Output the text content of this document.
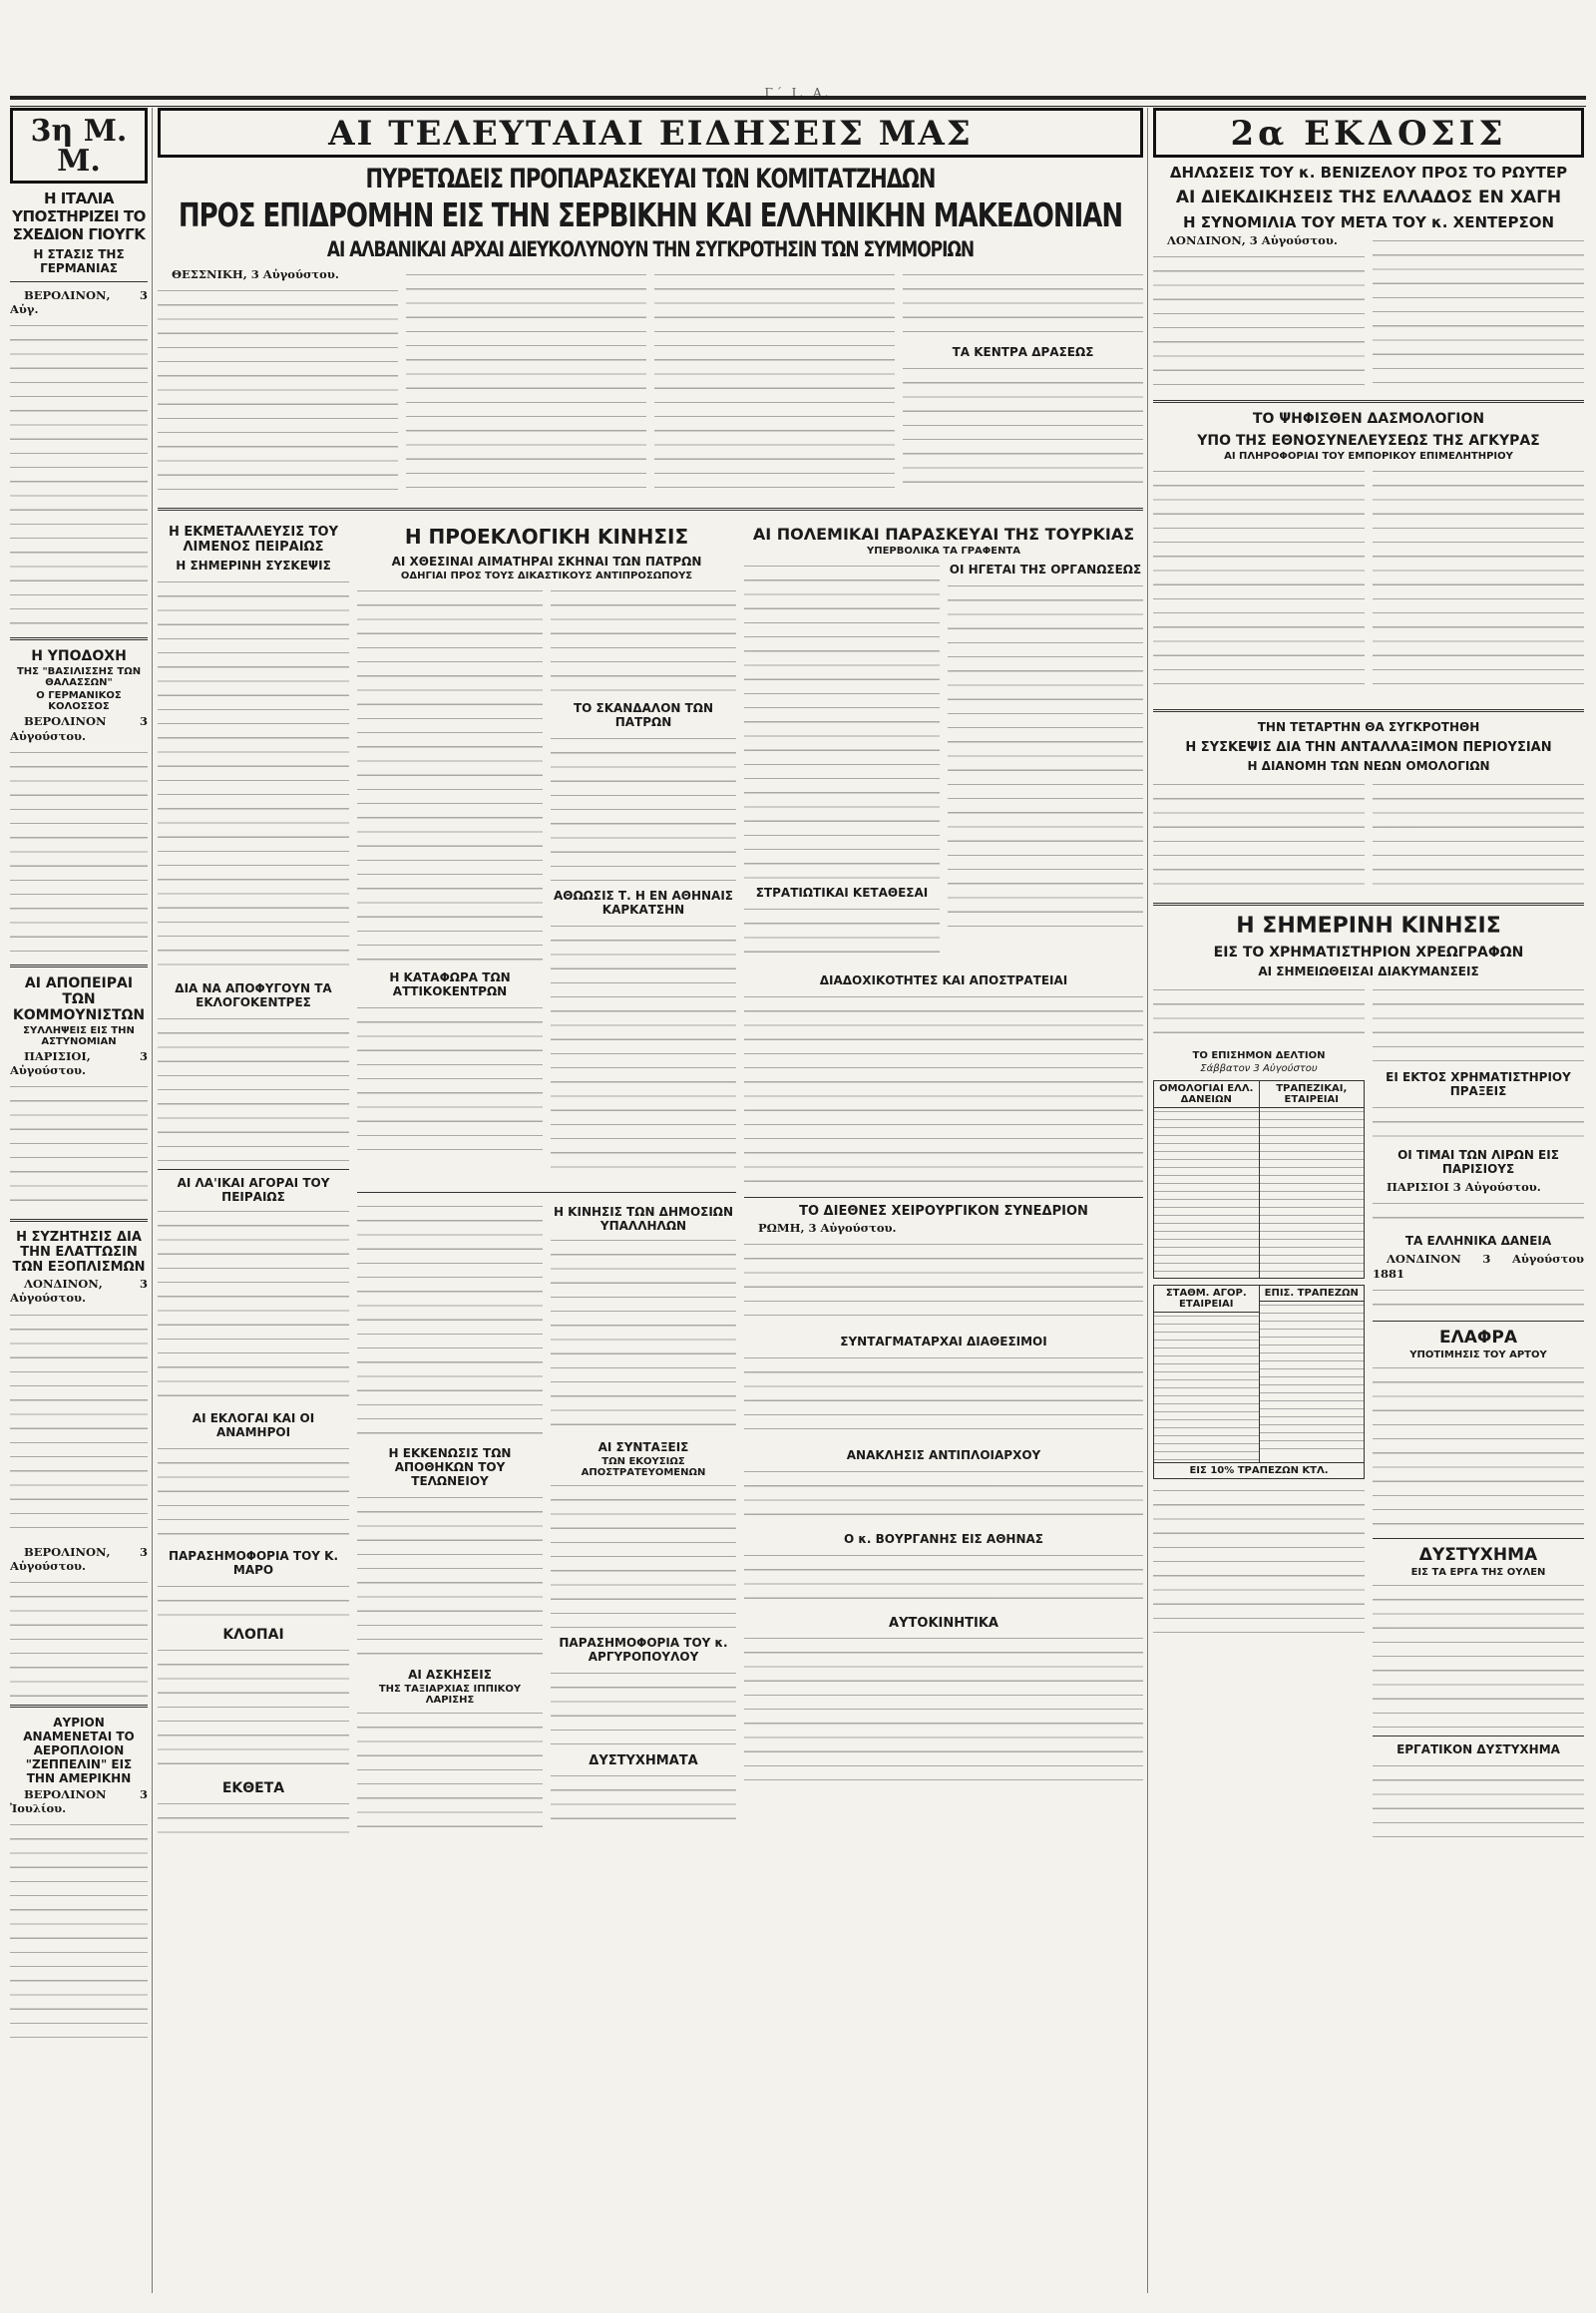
Γ΄ Ι. Α.
3η Μ. Μ.
Η ΙΤΑΛΙΑ ΥΠΟΣΤΗΡΙΖΕΙ ΤΟ ΣΧΕΔΙΟΝ ΓΙΟΥΓΚ
Η ΣΤΑΣΙΣ ΤΗΣ ΓΕΡΜΑΝΙΑΣ

ΒΕΡΟΛΙΝΟΝ, 3 Αὐγ.

Η ΥΠΟΔΟΧΗ
ΤΗΣ "ΒΑΣΙΛΙΣΣΗΣ ΤΩΝ ΘΑΛΑΣΣΩΝ"
Ο ΓΕΡΜΑΝΙΚΟΣ ΚΟΛΟΣΣΟΣ

ΒΕΡΟΛΙΝΟΝ 3 Αὐγούστου.

ΑΙ ΑΠΟΠΕΙΡΑΙ ΤΩΝ ΚΟΜΜΟΥΝΙΣΤΩΝ
ΣΥΛΛΗΨΕΙΣ ΕΙΣ ΤΗΝ ΑΣΤΥΝΟΜΙΑΝ

ΠΑΡΙΣΙΟΙ, 3 Αὐγούστου.

Η ΣΥΖΗΤΗΣΙΣ ΔΙΑ ΤΗΝ ΕΛΑΤΤΩΣΙΝ ΤΩΝ ΕΞΟΠΛΙΣΜΩΝ

ΛΟΝΔΙΝΟΝ, 3 Αὐγούστου.

ΒΕΡΟΛΙΝΟΝ, 3 Αὐγούστου.

ΑΥΡΙΟΝ ΑΝΑΜΕΝΕΤΑΙ ΤΟ ΑΕΡΟΠΛΟΙΟΝ "ΖΕΠΠΕΛΙΝ" ΕΙΣ ΤΗΝ ΑΜΕΡΙΚΗΝ

ΒΕΡΟΛΙΝΟΝ 3 Ἰουλίου.

ΑΙ ΤΕΛΕΥΤΑΙΑΙ ΕΙΔΗΣΕΙΣ ΜΑΣ
ΠΥΡΕΤΩΔΕΙΣ ΠΡΟΠΑΡΑΣΚΕΥΑΙ ΤΩΝ ΚΟΜΙΤΑΤΖΗΔΩΝ
ΠΡΟΣ ΕΠΙΔΡΟΜΗΝ ΕΙΣ ΤΗΝ ΣΕΡΒΙΚΗΝ ΚΑΙ ΕΛΛΗΝΙΚΗΝ ΜΑΚΕΔΟΝΙΑΝ
ΑΙ ΑΛΒΑΝΙΚΑΙ ΑΡΧΑΙ ΔΙΕΥΚΟΛΥΝΟΥΝ ΤΗΝ ΣΥΓΚΡΟΤΗΣΙΝ ΤΩΝ ΣΥΜΜΟΡΙΩΝ

ΘΕΣΣΝΙΚΗ, 3 Αὐγούστου.

ΤΑ ΚΕΝΤΡΑ ΔΡΑΣΕΩΣ
Η ΕΚΜΕΤΑΛΛΕΥΣΙΣ ΤΟΥ ΛΙΜΕΝΟΣ ΠΕΙΡΑΙΩΣ
Η ΣΗΜΕΡΙΝΗ ΣΥΣΚΕΨΙΣ
ΔΙΑ ΝΑ ΑΠΟΦΥΓΟΥΝ ΤΑ ΕΚΛΟΓΟΚΕΝΤΡΕΣ
ΑΙ ΛΑ'ΙΚΑΙ ΑΓΟΡΑΙ ΤΟΥ ΠΕΙΡΑΙΩΣ
ΑΙ ΕΚΛΟΓΑΙ ΚΑΙ ΟΙ ΑΝΑΜΗΡΟΙ
ΠΑΡΑΣΗΜΟΦΟΡΙΑ ΤΟΥ Κ. ΜΑΡΟ
ΚΛΟΠΑΙ
ΕΚΘΕΤΑ
Η ΠΡΟΕΚΛΟΓΙΚΗ ΚΙΝΗΣΙΣ
ΑΙ ΧΘΕΣΙΝΑΙ ΑΙΜΑΤΗΡΑΙ ΣΚΗΝΑΙ ΤΩΝ ΠΑΤΡΩΝ
ΟΔΗΓΙΑΙ ΠΡΟΣ ΤΟΥΣ ΔΙΚΑΣΤΙΚΟΥΣ ΑΝΤΙΠΡΟΣΩΠΟΥΣ
Η ΚΑΤΑΦΩΡΑ ΤΩΝ ΑΤΤΙΚΟΚΕΝΤΡΩΝ
ΤΟ ΣΚΑΝΔΑΛΟΝ ΤΩΝ ΠΑΤΡΩΝ
ΑΘΩΩΣΙΣ Τ. Η ΕΝ ΑΘΗΝΑΙΣ ΚΑΡΚΑΤΣΗΝ
Η ΕΚΚΕΝΩΣΙΣ ΤΩΝ ΑΠΟΘΗΚΩΝ ΤΟΥ ΤΕΛΩΝΕΙΟΥ
ΑΙ ΑΣΚΗΣΕΙΣ
ΤΗΣ ΤΑΞΙΑΡΧΙΑΣ ΙΠΠΙΚΟΥ ΛΑΡΙΣΗΣ
Η ΚΙΝΗΣΙΣ ΤΩΝ ΔΗΜΟΣΙΩΝ ΥΠΑΛΛΗΛΩΝ
ΑΙ ΣΥΝΤΑΞΕΙΣ
ΤΩΝ ΕΚΟΥΣΙΩΣ ΑΠΟΣΤΡΑΤΕΥΟΜΕΝΩΝ
ΠΑΡΑΣΗΜΟΦΟΡΙΑ ΤΟΥ κ. ΑΡΓΥΡΟΠΟΥΛΟΥ
ΔΥΣΤΥΧΗΜΑΤΑ
ΑΙ ΠΟΛΕΜΙΚΑΙ ΠΑΡΑΣΚΕΥΑΙ ΤΗΣ ΤΟΥΡΚΙΑΣ
ΥΠΕΡΒΟΛΙΚΑ ΤΑ ΓΡΑΦΕΝΤΑ
ΣΤΡΑΤΙΩΤΙΚΑΙ ΚΕΤΑΘΕΣΑΙ
ΟΙ ΗΓΕΤΑΙ ΤΗΣ ΟΡΓΑΝΩΣΕΩΣ
ΔΙΑΔΟΧΙΚΟΤΗΤΕΣ ΚΑΙ ΑΠΟΣΤΡΑΤΕΙΑΙ
ΤΟ ΔΙΕΘΝΕΣ ΧΕΙΡΟΥΡΓΙΚΟΝ ΣΥΝΕΔΡΙΟΝ

ΡΩΜΗ, 3 Αὐγούστου.

ΣΥΝΤΑΓΜΑΤΑΡΧΑΙ ΔΙΑΘΕΣΙΜΟΙ
ΑΝΑΚΛΗΣΙΣ ΑΝΤΙΠΛΟΙΑΡΧΟΥ
Ο κ. ΒΟΥΡΓΑΝΗΣ ΕΙΣ ΑΘΗΝΑΣ
ΑΥΤΟΚΙΝΗΤΙΚΑ
2α ΕΚΔΟΣΙΣ
ΔΗΛΩΣΕΙΣ ΤΟΥ κ. ΒΕΝΙΖΕΛΟΥ ΠΡΟΣ ΤΟ ΡΩΥΤΕΡ
ΑΙ ΔΙΕΚΔΙΚΗΣΕΙΣ ΤΗΣ ΕΛΛΑΔΟΣ ΕΝ ΧΑΓΗ
Η ΣΥΝΟΜΙΛΙΑ ΤΟΥ ΜΕΤΑ ΤΟΥ κ. ΧΕΝΤΕΡΣΟΝ

ΛΟΝΔΙΝΟΝ, 3 Αὐγούστου.

ΤΟ ΨΗΦΙΣΘΕΝ ΔΑΣΜΟΛΟΓΙΟΝ
ΥΠΟ ΤΗΣ ΕΘΝΟΣΥΝΕΛΕΥΣΕΩΣ ΤΗΣ ΑΓΚΥΡΑΣ
ΑΙ ΠΛΗΡΟΦΟΡΙΑΙ ΤΟΥ ΕΜΠΟΡΙΚΟΥ ΕΠΙΜΕΛΗΤΗΡΙΟΥ
ΤΗΝ ΤΕΤΑΡΤΗΝ ΘΑ ΣΥΓΚΡΟΤΗΘΗ
Η ΣΥΣΚΕΨΙΣ ΔΙΑ ΤΗΝ ΑΝΤΑΛΛΑΞΙΜΟΝ ΠΕΡΙΟΥΣΙΑΝ
Η ΔΙΑΝΟΜΗ ΤΩΝ ΝΕΩΝ ΟΜΟΛΟΓΙΩΝ
Η ΣΗΜΕΡΙΝΗ ΚΙΝΗΣΙΣ
ΕΙΣ ΤΟ ΧΡΗΜΑΤΙΣΤΗΡΙΟΝ ΧΡΕΩΓΡΑΦΩΝ
ΑΙ ΣΗΜΕΙΩΘΕΙΣΑΙ ΔΙΑΚΥΜΑΝΣΕΙΣ
ΤΟ ΕΠΙΣΗΜΟΝ ΔΕΛΤΙΟΝ
Σάββατον 3 Αὐγούστου
ΟΜΟΛΟΓΙΑΙ ΕΛΛ. ΔΑΝΕΙΩΝ
ΤΡΑΠΕΖΙΚΑΙ, ΕΤΑΙΡΕΙΑΙ
ΣΤΑΘΜ. ΑΓΟΡ. ΕΤΑΙΡΕΙΑΙ
ΕΠΙΣ. ΤΡΑΠΕΖΩΝ
ΕΙΣ 10% ΤΡΑΠΕΖΩΝ ΚΤΛ.
ΕΙ ΕΚΤΟΣ ΧΡΗΜΑΤΙΣΤΗΡΙΟΥ ΠΡΑΞΕΙΣ
ΟΙ ΤΙΜΑΙ ΤΩΝ ΛΙΡΩΝ ΕΙΣ ΠΑΡΙΣΙΟΥΣ

ΠΑΡΙΣΙΟΙ 3 Αὐγούστου.

ΤΑ ΕΛΛΗΝΙΚΑ ΔΑΝΕΙΑ

ΛΟΝΔΙΝΟΝ 3 Αὐγούστου 1881

ΕΛΑΦΡΑ
ΥΠΟΤΙΜΗΣΙΣ ΤΟΥ ΑΡΤΟΥ
ΔΥΣΤΥΧΗΜΑ
ΕΙΣ ΤΑ ΕΡΓΑ ΤΗΣ ΟΥΛΕΝ
ΕΡΓΑΤΙΚΟΝ ΔΥΣΤΥΧΗΜΑ
